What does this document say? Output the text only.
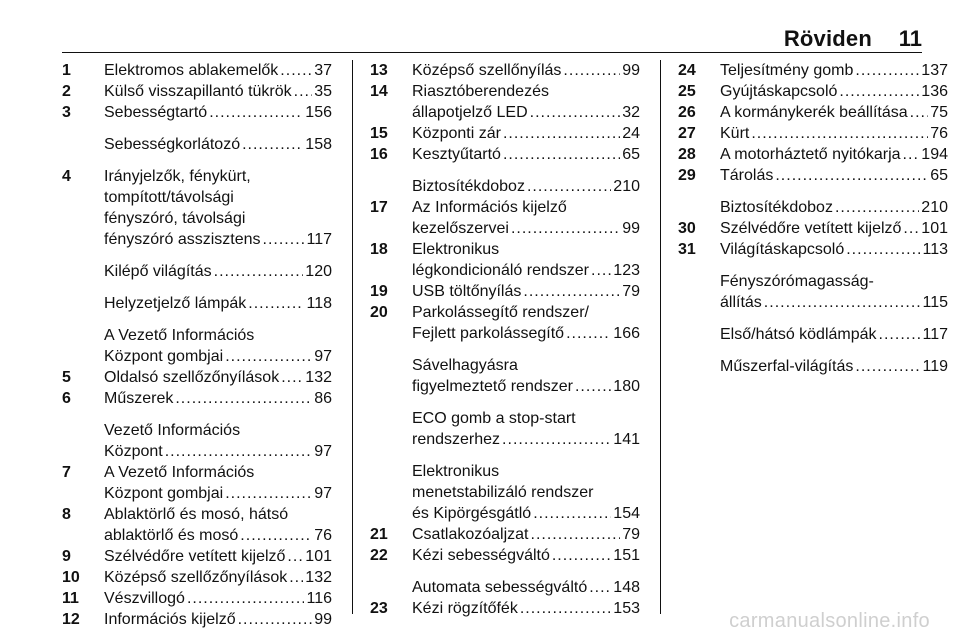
Röviden 11
1 Elektromos ablakemelők ..... 37
2 Külső visszapillantó tükrök ..... 35
3 Sebességtartó .....	156
Sebességkorlátozó .....	158
4 Irányjelzők, fénykürt,
tompított/távolsági
fényszóró, távolsági
fényszóró asszisztens .....	117
Kilépő világítás .....	120
Helyzetjelző lámpák .....	118
A Vezető Információs
Központ gombjai .....	97
5 Oldalsó szellőzőnyílások ..... 132
6 Műszerek .....	86
Vezető Információs
Központ .....	97
7 A Vezető Információs
Központ gombjai .....	97
8 Ablaktörlő és mosó, hátsó
ablaktörlő és mosó .....	76
9 Szélvédőre vetített kijelző ..... 101
10 Középső szellőzőnyílások ..... 132
11 Vészvillogó .....	116
12 Információs kijelző .....	99
13 Középső szellőnyílás .....	99
14 Riasztóberendezés
állapotjelző LED .....	32
15 Központi zár .....	24
16 Kesztyűtartó .....	65
Biztosítékdoboz .....	210
17 Az Információs kijelző
kezelőszervei .....	99
18 Elektronikus
légkondicionáló rendszer ..... 123
19 USB töltőnyílás .....	79
20 Parkolássegítő rendszer/
Fejlett parkolássegítő .....	166
Sávelhagyásra
figyelmeztető rendszer .....	180
ECO gomb a stop-start
rendszerhez .....	141
Elektronikus
menetstabilizáló rendszer
és Kipörgésgátló .....	154
21 Csatlakozóaljzat .....	79
22 Kézi sebességváltó .....	151
Automata sebességváltó ..... 148
23 Kézi rögzítőfék .....	153
24 Teljesítmény gomb .....	137
25 Gyújtáskapcsoló .....	136
26 A kormánykerék beállítása ..... 75
27 Kürt .....	76
28 A motorháztető nyitókarja ..... 194
29 Tárolás .....	65
Biztosítékdoboz .....	210
30 Szélvédőre vetített kijelző ..... 101
31 Világításkapcsoló .....	113
Fényszórómagasság-
állítás .....	115
Első/hátsó ködlámpák .....	117
Műszerfal-világítás .....	119
carmanualsonline.info
